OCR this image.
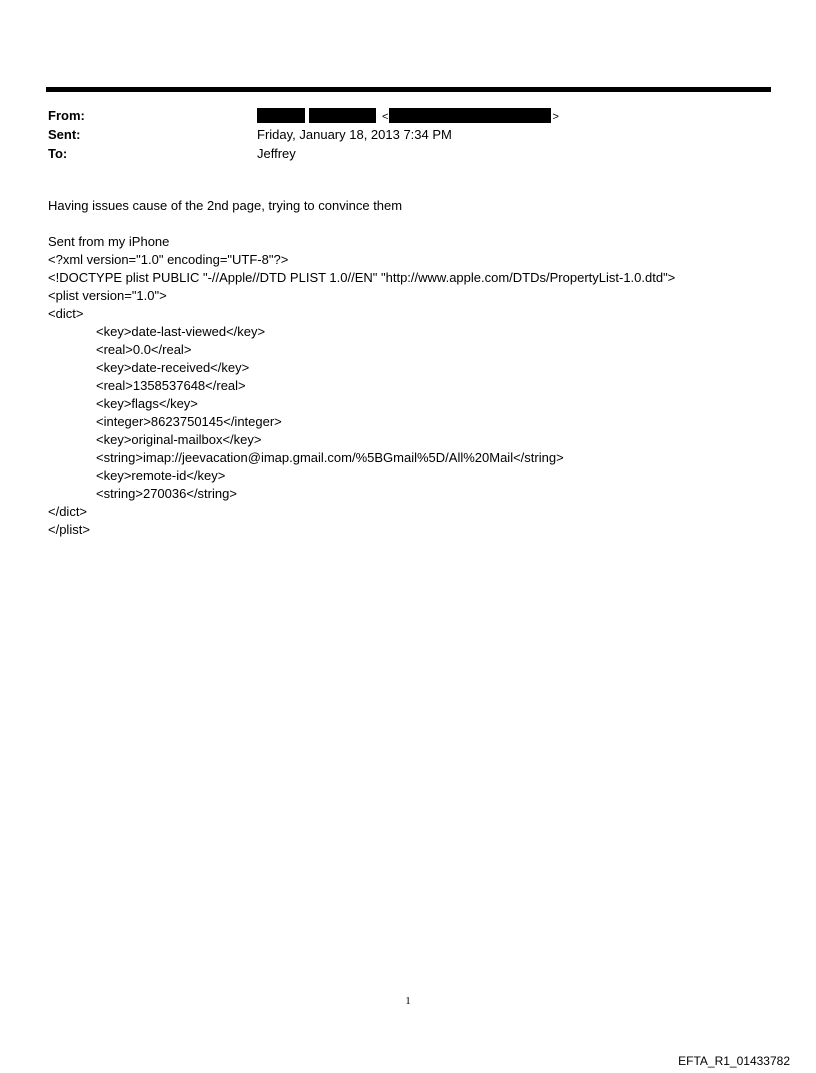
From:	<	>
Sent:	Friday, January 18, 2013 7:34 PM
To:	Jeffrey
Having issues cause of the 2nd page, trying to convince them
Sent from my iPhone
<?xml version="1.0" encoding="UTF-8"?>
<!DOCTYPE plist PUBLIC "-//Apple//DTD PLIST 1.0//EN" "http://www.apple.com/DTDs/PropertyList-1.0.dtd">
<plist version="1.0">
<dict>
<key>date-last-viewed</key>
<real>0.0</real>
<key>date-received</key>
<real>1358537648</real>
<key>flags</key>
<integer>8623750145</integer>
<key>original-mailbox</key>
<string>imap://jeevacation@imap.gmail.com/%5BGmail%5D/All%20Mail</string>
<key>remote-id</key>
<string>270036</string>
</dict>
</plist>
1
EFTA_R1_01433782
